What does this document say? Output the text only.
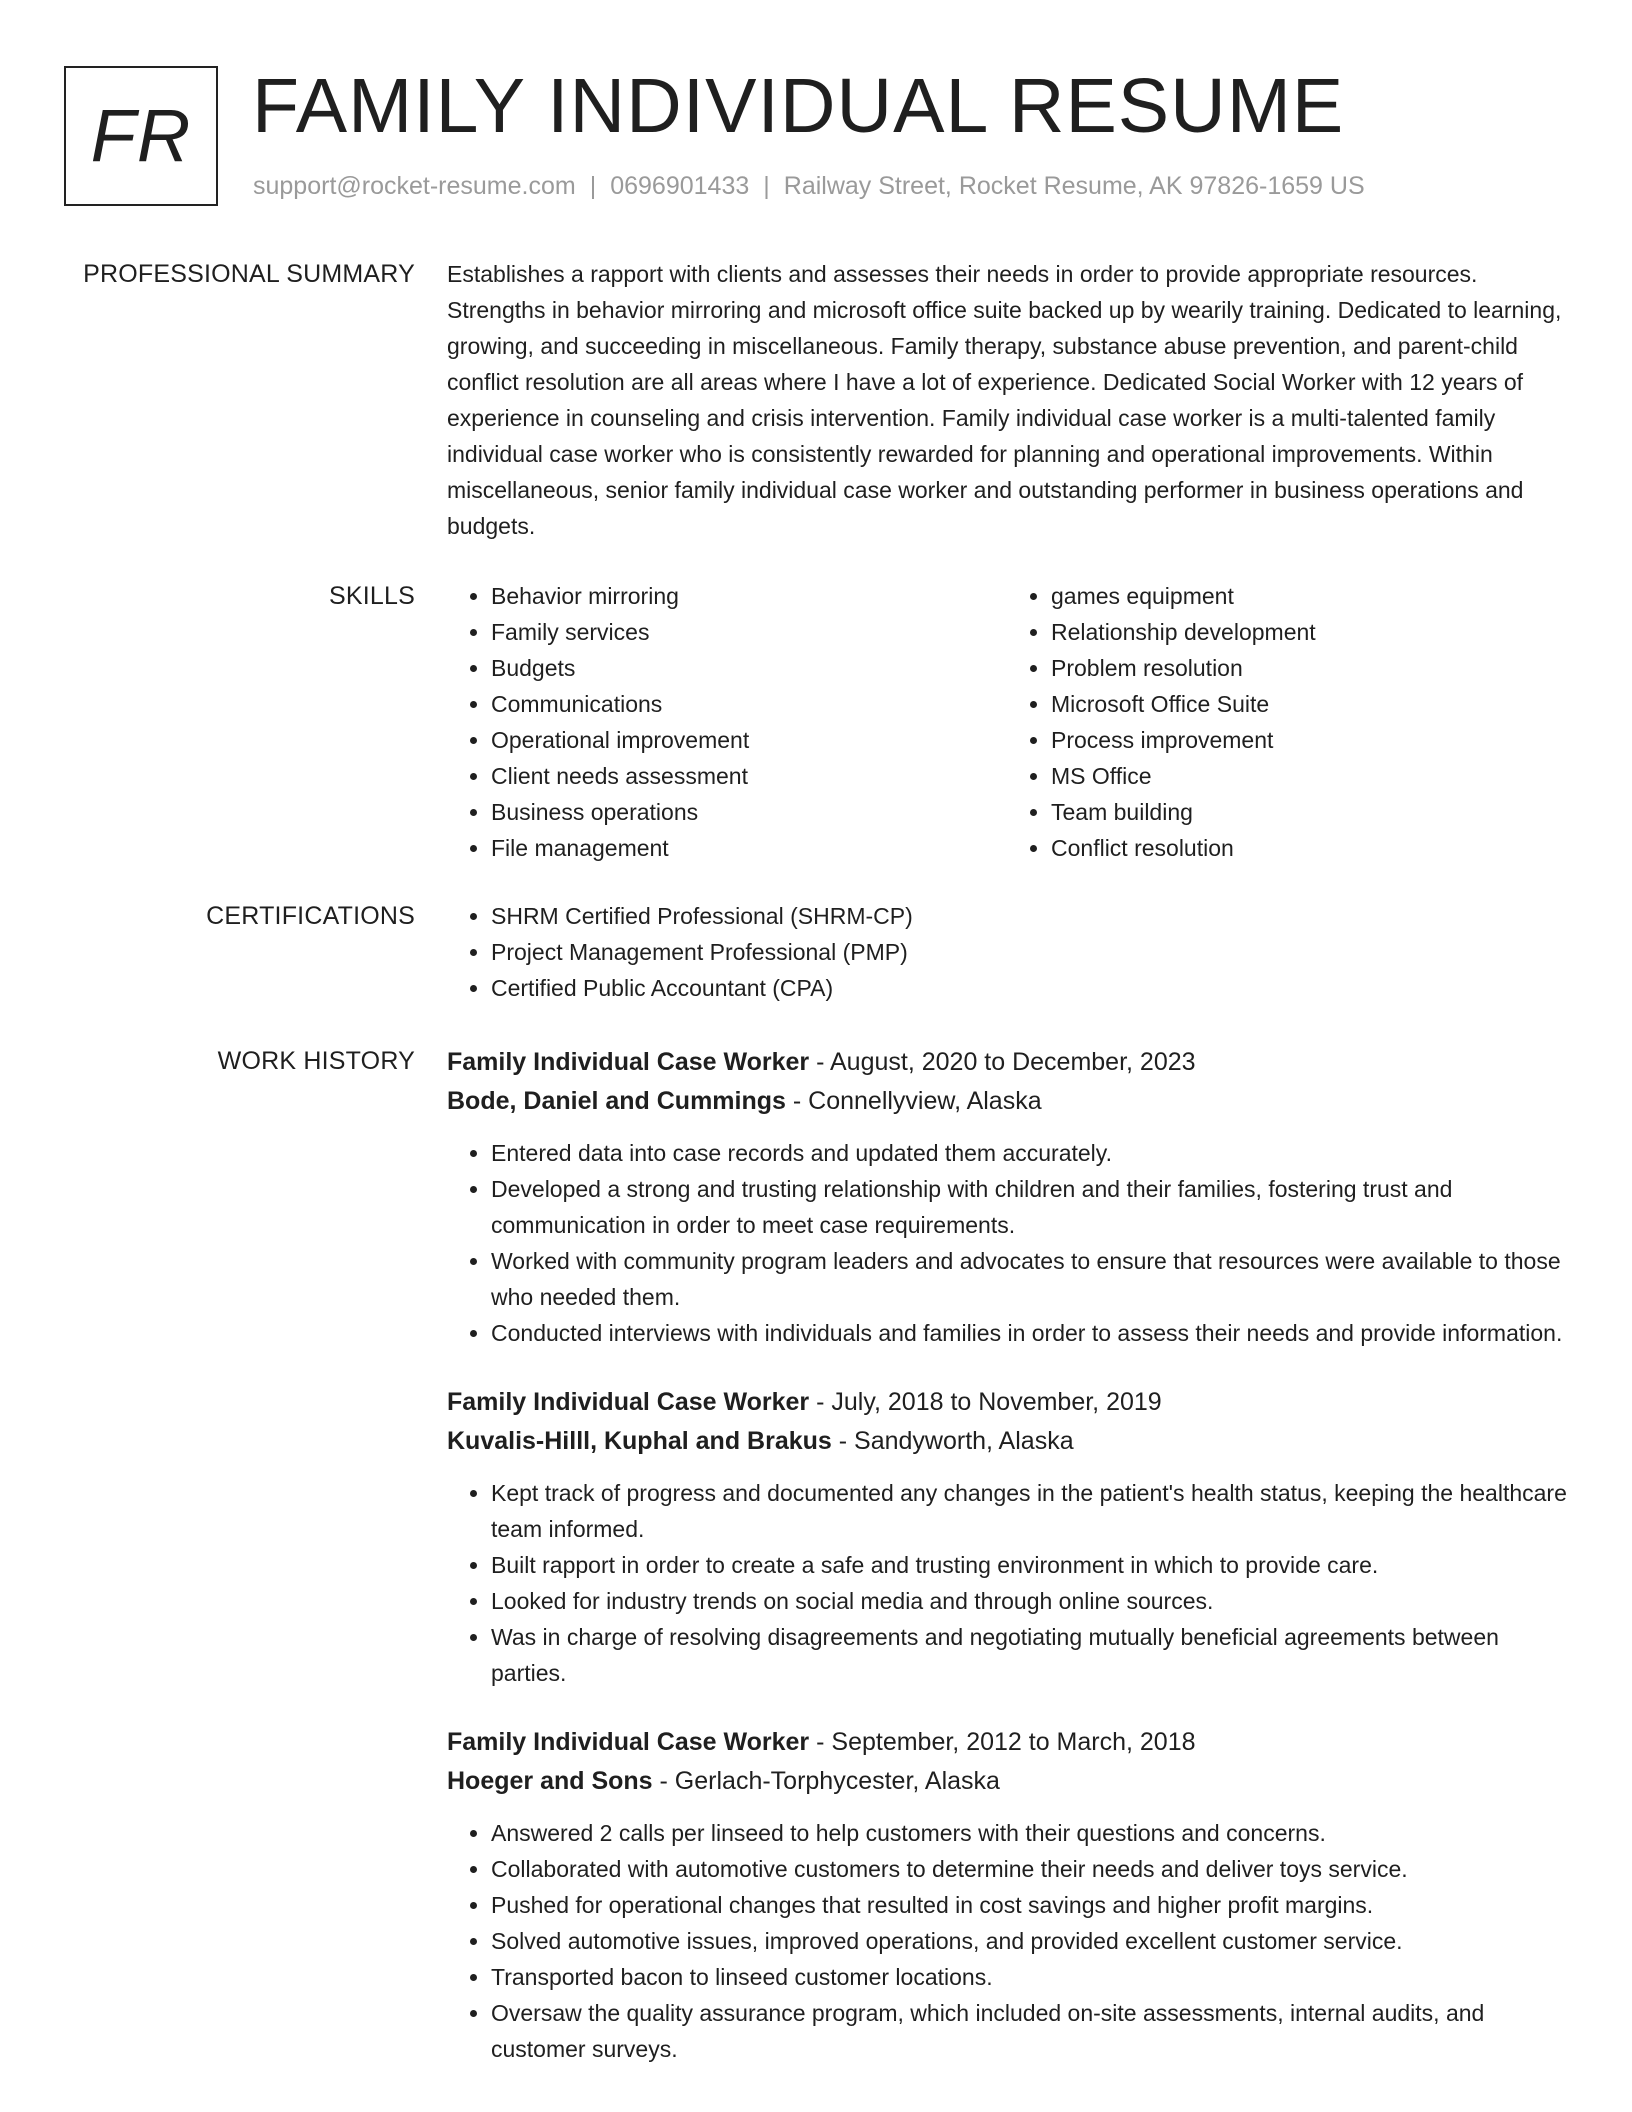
FR FAMILY INDIVIDUAL RESUME
support@rocket-resume.com | 0696901433 | Railway Street, Rocket Resume, AK 97826-1659 US
PROFESSIONAL SUMMARY Establishes a rapport with clients and assesses their needs in order to provide appropriate resources. Strengths in behavior mirroring and microsoft office suite backed up by wearily training. Dedicated to learning, growing, and succeeding in miscellaneous. Family therapy, substance abuse prevention, and parent-child conflict resolution are all areas where I have a lot of experience. Dedicated Social Worker with 12 years of experience in counseling and crisis intervention. Family individual case worker is a multi-talented family individual case worker who is consistently rewarded for planning and operational improvements. Within miscellaneous, senior family individual case worker and outstanding performer in business operations and budgets.

SKILLS	• Behavior mirroring
• Family services
• Budgets
• Communications
• Operational improvement
• Client needs assessment
• Business operations
• File management
• games equipment
• Relationship development
• Problem resolution
• Microsoft Office Suite
• Process improvement
• MS Office
• Team building
• Conflict resolution
CERTIFICATIONS	• SHRM Certified Professional (SHRM-CP)
• Project Management Professional (PMP)
• Certified Public Accountant (CPA)
WORK HISTORY Family Individual Case Worker - August, 2020 to December, 2023
Bode, Daniel and Cummings - Connellyview, Alaska
• Entered data into case records and updated them accurately.
• Developed a strong and trusting relationship with children and their families, fostering trust and communication in order to meet case requirements.
• Worked with community program leaders and advocates to ensure that resources were available to those who needed them.
• Conducted interviews with individuals and families in order to assess their needs and provide information.
Family Individual Case Worker - July, 2018 to November, 2019
Kuvalis-Hilll, Kuphal and Brakus - Sandyworth, Alaska
• Kept track of progress and documented any changes in the patient's health status, keeping the healthcare team informed.
• Built rapport in order to create a safe and trusting environment in which to provide care.
• Looked for industry trends on social media and through online sources.
• Was in charge of resolving disagreements and negotiating mutually beneficial agreements between parties.
Family Individual Case Worker - September, 2012 to March, 2018
Hoeger and Sons - Gerlach-Torphycester, Alaska
• Answered 2 calls per linseed to help customers with their questions and concerns.
• Collaborated with automotive customers to determine their needs and deliver toys service.
• Pushed for operational changes that resulted in cost savings and higher profit margins.
• Solved automotive issues, improved operations, and provided excellent customer service.
• Transported bacon to linseed customer locations.
• Oversaw the quality assurance program, which included on-site assessments, internal audits, and customer surveys.
